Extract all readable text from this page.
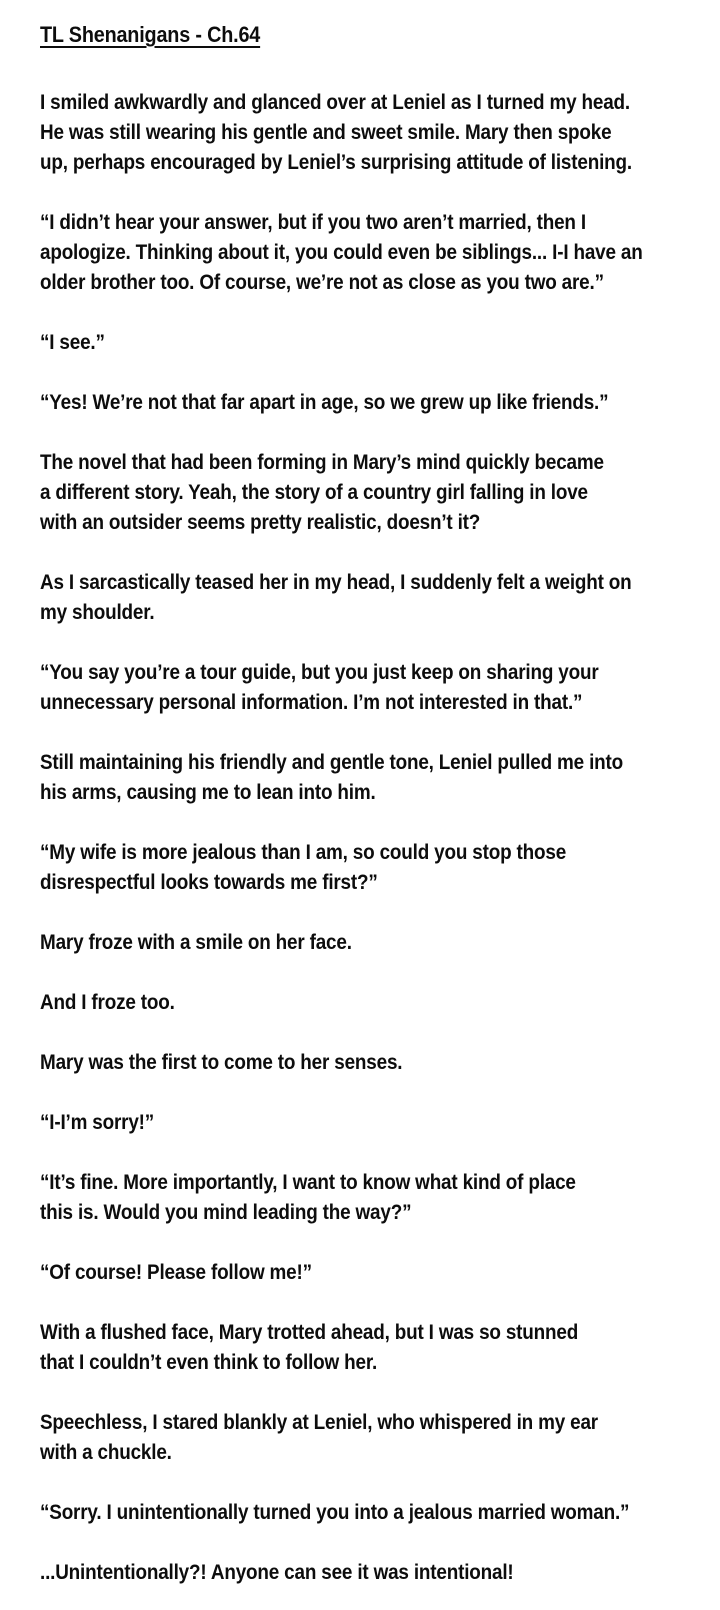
TL Shenanigans - Ch.64
I smiled awkwardly and glanced over at Leniel as I turned my head.
He was still wearing his gentle and sweet smile. Mary then spoke
up, perhaps encouraged by Leniel’s surprising attitude of listening.
“I didn’t hear your answer, but if you two aren’t married, then I
apologize. Thinking about it, you could even be siblings... I-I have an
older brother too. Of course, we’re not as close as you two are.”
“I see.”
“Yes! We’re not that far apart in age, so we grew up like friends.”
The novel that had been forming in Mary’s mind quickly became
a different story. Yeah, the story of a country girl falling in love
with an outsider seems pretty realistic, doesn’t it?
As I sarcastically teased her in my head, I suddenly felt a weight on
my shoulder.
“You say you’re a tour guide, but you just keep on sharing your
unnecessary personal information. I’m not interested in that.”
Still maintaining his friendly and gentle tone, Leniel pulled me into
his arms, causing me to lean into him.
“My wife is more jealous than I am, so could you stop those
disrespectful looks towards me first?”
Mary froze with a smile on her face.
And I froze too.
Mary was the first to come to her senses.
“I-I’m sorry!”
“It’s fine. More importantly, I want to know what kind of place
this is. Would you mind leading the way?”
“Of course! Please follow me!”
With a flushed face, Mary trotted ahead, but I was so stunned
that I couldn’t even think to follow her.
Speechless, I stared blankly at Leniel, who whispered in my ear
with a chuckle.
“Sorry. I unintentionally turned you into a jealous married woman.”
...Unintentionally?! Anyone can see it was intentional!
